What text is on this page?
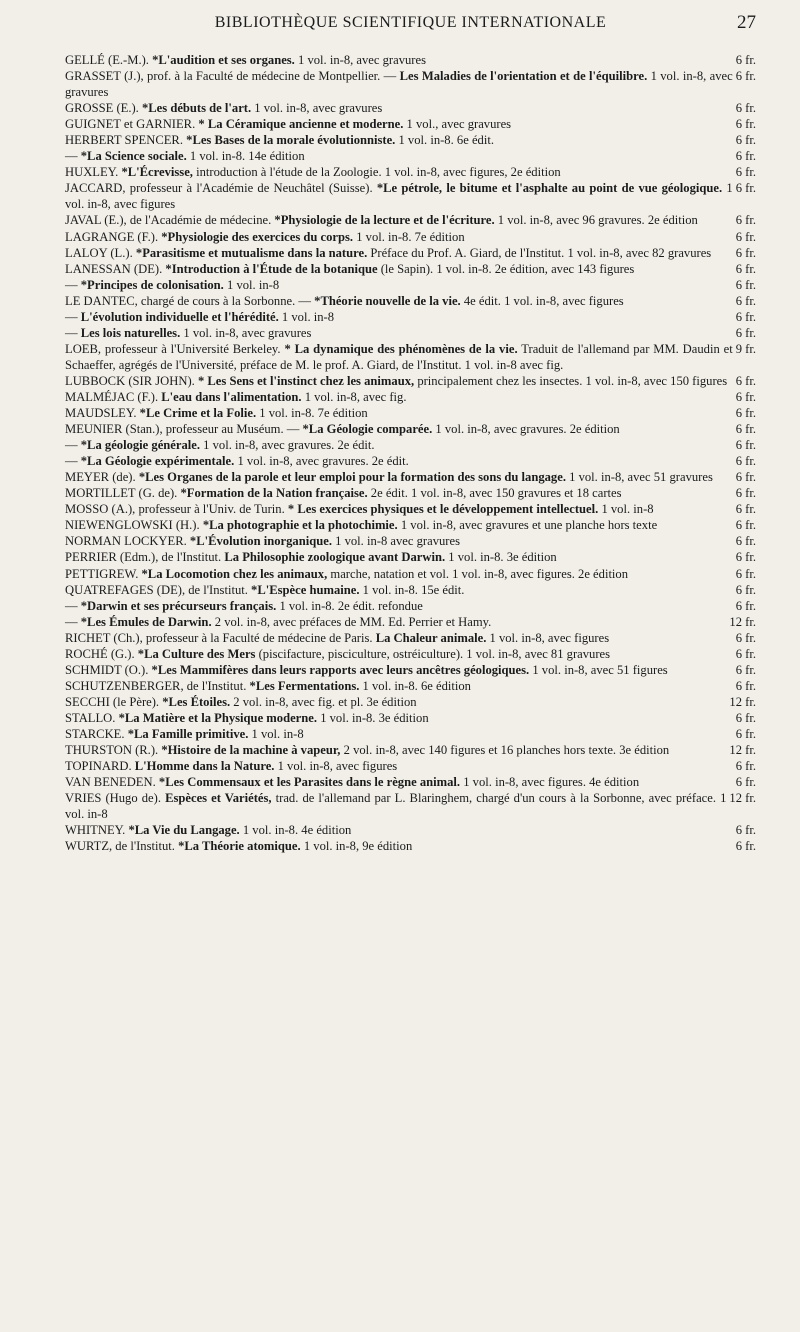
BIBLIOTHÈQUE SCIENTIFIQUE INTERNATIONALE	27
6 fr.
GELLÉ (E.-M.). *L'audition et ses organes. 1 vol. in-8, avec gravures
6 fr.
GRASSET (J.), prof. à la Faculté de médecine de Montpellier. — Les Maladies de l'orientation et de l'équilibre. 1 vol. in-8, avec gravures
6 fr.
GROSSE (E.). *Les débuts de l'art. 1 vol. in-8, avec gravures
6 fr.
GUIGNET et GARNIER. * La Céramique ancienne et moderne. 1 vol., avec gravures
6 fr.
HERBERT SPENCER. *Les Bases de la morale évolutionniste. 1 vol. in-8. 6e édit.
6 fr.
— *La Science sociale. 1 vol. in-8. 14e édition
6 fr.
HUXLEY. *L'Écrevisse, introduction à l'étude de la Zoologie. 1 vol. in-8, avec figures, 2e édition
6 fr.
JACCARD, professeur à l'Académie de Neuchâtel (Suisse). *Le pétrole, le bitume et l'asphalte au point de vue géologique. 1 vol. in-8, avec figures
6 fr.
JAVAL (E.), de l'Académie de médecine. *Physiologie de la lecture et de l'écriture. 1 vol. in-8, avec 96 gravures. 2e édition
6 fr.
LAGRANGE (F.). *Physiologie des exercices du corps. 1 vol. in-8. 7e édition
6 fr.
LALOY (L.). *Parasitisme et mutualisme dans la nature. Préface du Prof. A. Giard, de l'Institut. 1 vol. in-8, avec 82 gravures
6 fr.
LANESSAN (DE). *Introduction à l'Étude de la botanique (le Sapin). 1 vol. in-8. 2e édition, avec 143 figures
6 fr.
— *Principes de colonisation. 1 vol. in-8
6 fr.
LE DANTEC, chargé de cours à la Sorbonne. — *Théorie nouvelle de la vie. 4e édit. 1 vol. in-8, avec figures
6 fr.
— L'évolution individuelle et l'hérédité. 1 vol. in-8
6 fr.
— Les lois naturelles. 1 vol. in-8, avec gravures
9 fr.
LOEB, professeur à l'Université Berkeley. * La dynamique des phénomènes de la vie. Traduit de l'allemand par MM. Daudin et Schaeffer, agrégés de l'Université, préface de M. le prof. A. Giard, de l'Institut. 1 vol. in-8 avec fig.
6 fr.
LUBBOCK (SIR JOHN). * Les Sens et l'instinct chez les animaux, principalement chez les insectes. 1 vol. in-8, avec 150 figures
6 fr.
MALMÉJAC (F.). L'eau dans l'alimentation. 1 vol. in-8, avec fig.
6 fr.
MAUDSLEY. *Le Crime et la Folie. 1 vol. in-8. 7e édition
6 fr.
MEUNIER (Stan.), professeur au Muséum. — *La Géologie comparée. 1 vol. in-8, avec gravures. 2e édition
6 fr.
— *La géologie générale. 1 vol. in-8, avec gravures. 2e édit.
6 fr.
— *La Géologie expérimentale. 1 vol. in-8, avec gravures. 2e édit.
6 fr.
MEYER (de). *Les Organes de la parole et leur emploi pour la formation des sons du langage. 1 vol. in-8, avec 51 gravures
6 fr.
MORTILLET (G. de). *Formation de la Nation française. 2e édit. 1 vol. in-8, avec 150 gravures et 18 cartes
6 fr.
MOSSO (A.), professeur à l'Univ. de Turin. * Les exercices physiques et le développement intellectuel. 1 vol. in-8
6 fr.
NIEWENGLOWSKI (H.). *La photographie et la photochimie. 1 vol. in-8, avec gravures et une planche hors texte
6 fr.
NORMAN LOCKYER. *L'Évolution inorganique. 1 vol. in-8 avec gravures
6 fr.
PERRIER (Edm.), de l'Institut. La Philosophie zoologique avant Darwin. 1 vol. in-8. 3e édition
6 fr.
PETTIGREW. *La Locomotion chez les animaux, marche, natation et vol. 1 vol. in-8, avec figures. 2e édition
6 fr.
QUATREFAGES (DE), de l'Institut. *L'Espèce humaine. 1 vol. in-8. 15e édit.
6 fr.
— *Darwin et ses précurseurs français. 1 vol. in-8. 2e édit. refondue
12 fr.
— *Les Émules de Darwin. 2 vol. in-8, avec préfaces de MM. Ed. Perrier et Hamy.
6 fr.
RICHET (Ch.), professeur à la Faculté de médecine de Paris. La Chaleur animale. 1 vol. in-8, avec figures
6 fr.
ROCHÉ (G.). *La Culture des Mers (piscifacture, pisciculture, ostréiculture). 1 vol. in-8, avec 81 gravures
6 fr.
SCHMIDT (O.). *Les Mammifères dans leurs rapports avec leurs ancêtres géologiques. 1 vol. in-8, avec 51 figures
6 fr.
SCHUTZENBERGER, de l'Institut. *Les Fermentations. 1 vol. in-8. 6e édition
12 fr.
SECCHI (le Père). *Les Étoiles. 2 vol. in-8, avec fig. et pl. 3e édition
6 fr.
STALLO. *La Matière et la Physique moderne. 1 vol. in-8. 3e édition
6 fr.
STARCKE. *La Famille primitive. 1 vol. in-8
12 fr.
THURSTON (R.). *Histoire de la machine à vapeur, 2 vol. in-8, avec 140 figures et 16 planches hors texte. 3e édition
6 fr.
TOPINARD. L'Homme dans la Nature. 1 vol. in-8, avec figures
6 fr.
VAN BENEDEN. *Les Commensaux et les Parasites dans le règne animal. 1 vol. in-8, avec figures. 4e édition
12 fr.
VRIES (Hugo de). Espèces et Variétés, trad. de l'allemand par L. Blaringhem, chargé d'un cours à la Sorbonne, avec préface. 1 vol. in-8
6 fr.
WHITNEY. *La Vie du Langage. 1 vol. in-8. 4e édition
6 fr.
WURTZ, de l'Institut. *La Théorie atomique. 1 vol. in-8, 9e édition
